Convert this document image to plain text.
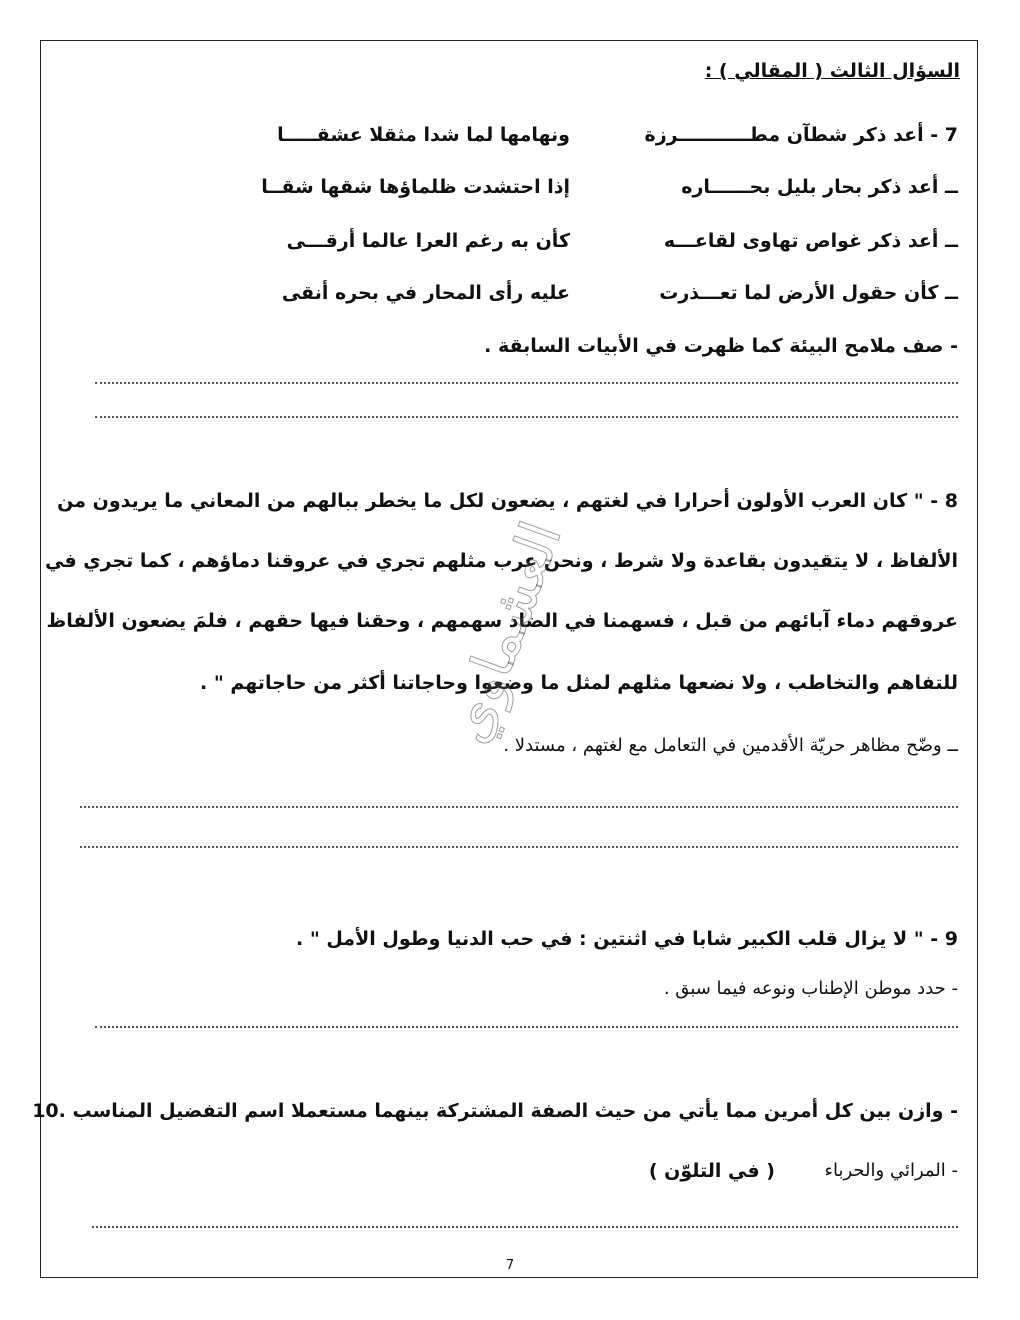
السؤال الثالث ( المقالي ) :
7 - أعد ذكر شطآن مطـــــــــــرزة
ونهامها لما شدا مثقلا عشقـــــا
ــ أعد ذكر بحار بليل بحــــــاره
إذا احتشدت ظلماؤها شقها شقــا
ــ أعد ذكر غواص تهاوى لقاعـــه
كأن به رغم العرا عالما أرقـــى
ــ كأن حقول الأرض لما تعـــذرت
عليه رأى المحار في بحره أنقى
- صف ملامح البيئة كما ظهرت في الأبيات السابقة .
8 - " كان العرب الأولون أحرارا في لغتهم ، يضعون لكل ما يخطر ببالهم من المعاني ما يريدون من
الألفاظ ، لا يتقيدون بقاعدة ولا شرط ، ونحن عرب مثلهم تجري في عروقنا دماؤهم ، كما تجري في
عروقهم دماء آبائهم من قبل ، فسهمنا في الضاد سهمهم ، وحقنا فيها حقهم ، فلمَ يضعون الألفاظ
للتفاهم والتخاطب ، ولا نضعها مثلهم لمثل ما وضعوا وحاجاتنا أكثر من حاجاتهم " .
ــ وضّح مظاهر حريّة الأقدمين في التعامل مع لغتهم ، مستدلا .
9 - " لا يزال قلب الكبير شابا في اثنتين : في حب الدنيا وطول الأمل " .
- حدد موطن الإطناب ونوعه فيما سبق .
- وازن بين كل أمرين مما يأتي من حيث الصفة المشتركة بينهما مستعملا اسم التفضيل المناسب .10
- المرائي والحرباء
( في التلوّن )
العشماوي
7
